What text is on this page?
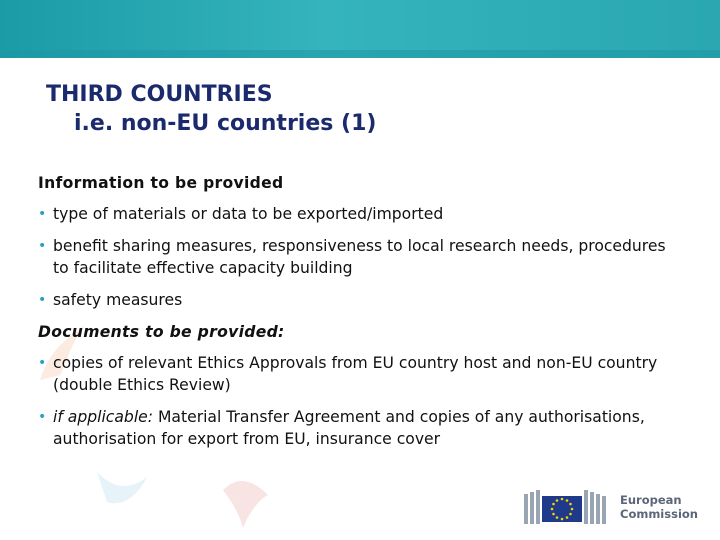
THIRD COUNTRIES
i.e. non-EU countries (1)
Information to be provided
• type of materials or data to be exported/imported
• benefit sharing measures, responsiveness to local research needs, procedures to facilitate effective capacity building
• safety measures
Documents to be provided:
• copies of relevant Ethics Approvals from EU country host and non-EU country (double Ethics Review)
• if applicable: Material Transfer Agreement and copies of any authorisations, authorisation for export from EU, insurance cover
European
Commission
